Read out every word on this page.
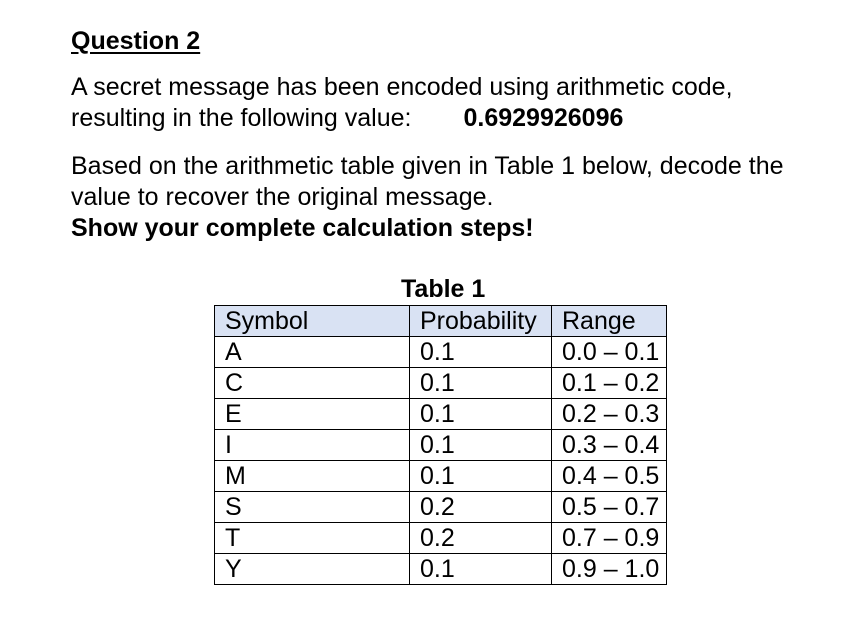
Question 2
A secret message has been encoded using arithmetic code,
resulting in the following value: 0.6929926096
Based on the arithmetic table given in Table 1 below, decode the
value to recover the original message.
Show your complete calculation steps!
Table 1
Symbol	Probability	Range
A	0.1	0.0 – 0.1
C	0.1	0.1 – 0.2
E	0.1	0.2 – 0.3
I	0.1	0.3 – 0.4
M	0.1	0.4 – 0.5
S	0.2	0.5 – 0.7
T	0.2	0.7 – 0.9
Y	0.1	0.9 – 1.0
